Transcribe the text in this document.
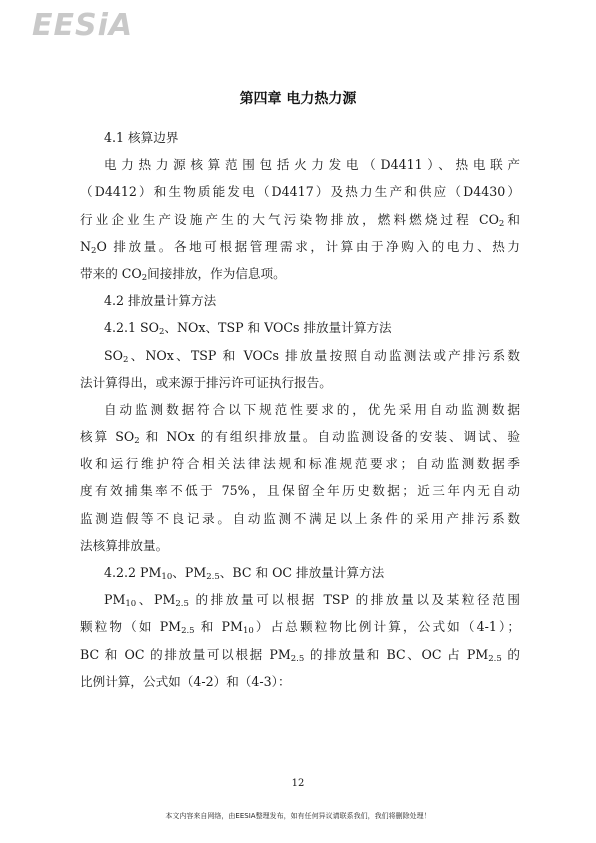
EESiA
第四章 电力热力源
4.1 核算边界
电力热力源核算范围包括火力发电（D4411）、热电联产
（D4412）和生物质能发电（D4417）及热力生产和供应（D4430）
行业企业生产设施产生的大气污染物排放，燃料燃烧过程 $CO_2$和
$N_2O$ 排放量。各地可根据管理需求，计算由于净购入的电力、热力
带来的 $CO_2$间接排放，作为信息项。
4.2 排放量计算方法
4.2.1 $SO_2$、NOx、TSP 和 VOCs 排放量计算方法
$SO_2$、NOx、TSP 和 VOCs 排放量按照自动监测法或产排污系数
法计算得出，或来源于排污许可证执行报告。
自动监测数据符合以下规范性要求的，优先采用自动监测数据
核算 $SO_2$ 和 NOx 的有组织排放量。自动监测设备的安装、调试、验
收和运行维护符合相关法律法规和标准规范要求；自动监测数据季
度有效捕集率不低于 75%，且保留全年历史数据；近三年内无自动
监测造假等不良记录。自动监测不满足以上条件的采用产排污系数
法核算排放量。
4.2.2 $PM_{10}$、$PM_{2.5}$、BC 和 OC 排放量计算方法
$PM_{10}$、$PM_{2.5}$ 的排放量可以根据 TSP 的排放量以及某粒径范围
颗粒物（如 $PM_{2.5}$ 和 $PM_{10}$）占总颗粒物比例计算，公式如（4-1）；
BC 和 OC 的排放量可以根据 $PM_{2.5}$ 的排放量和 BC、OC 占 $PM_{2.5}$ 的
比例计算，公式如（4-2）和（4-3）：
12
本文内容来自网络，由EESIA整理发布，如有任何异议请联系我们，我们将删除处理！
